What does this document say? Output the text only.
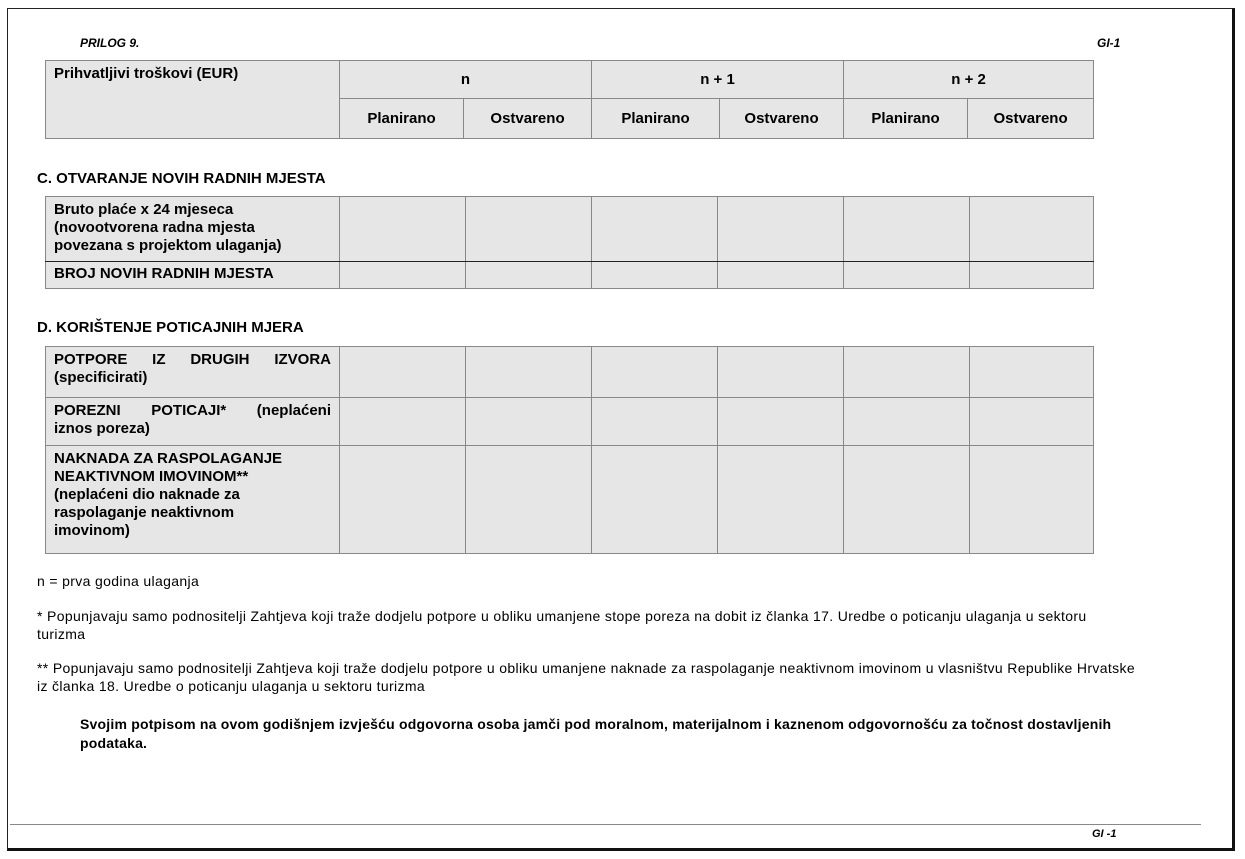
PRILOG 9.	GI-1
Prihvatljivi troškovi (EUR)	n		n + 1		n + 2	
	Planirano	Ostvareno	Planirano	Ostvareno	Planirano	Ostvareno
C. OTVARANJE NOVIH RADNIH MJESTA
Bruto plaće x 24 mjeseca
(novootvorena radna mjesta
povezana s projektom ulaganja)						

BROJ NOVIH RADNIH MJESTA						

D. KORIŠTENJE POTICAJNIH MJERA
POTPORE IZ DRUGIH IZVORA
(specificirati)						

POREZNI POTICAJI* (neplaćeni
iznos poreza)						

NAKNADA ZA RASPOLAGANJE
NEAKTIVNOM IMOVINOM**
(neplaćeni dio naknade za
raspolaganje neaktivnom
imovinom)						

n = prva godina ulaganja
* Popunjavaju samo podnositelji Zahtjeva koji traže dodjelu potpore u obliku umanjene stope poreza na dobit iz članka 17. Uredbe o poticanju ulaganja u sektoru
turizma
** Popunjavaju samo podnositelji Zahtjeva koji traže dodjelu potpore u obliku umanjene naknade za raspolaganje neaktivnom imovinom u vlasništvu Republike Hrvatske
iz članka 18. Uredbe o poticanju ulaganja u sektoru turizma
Svojim potpisom na ovom godišnjem izvješću odgovorna osoba jamči pod moralnom, materijalnom i kaznenom odgovornošću za točnost dostavljenih
podataka.
GI -1
